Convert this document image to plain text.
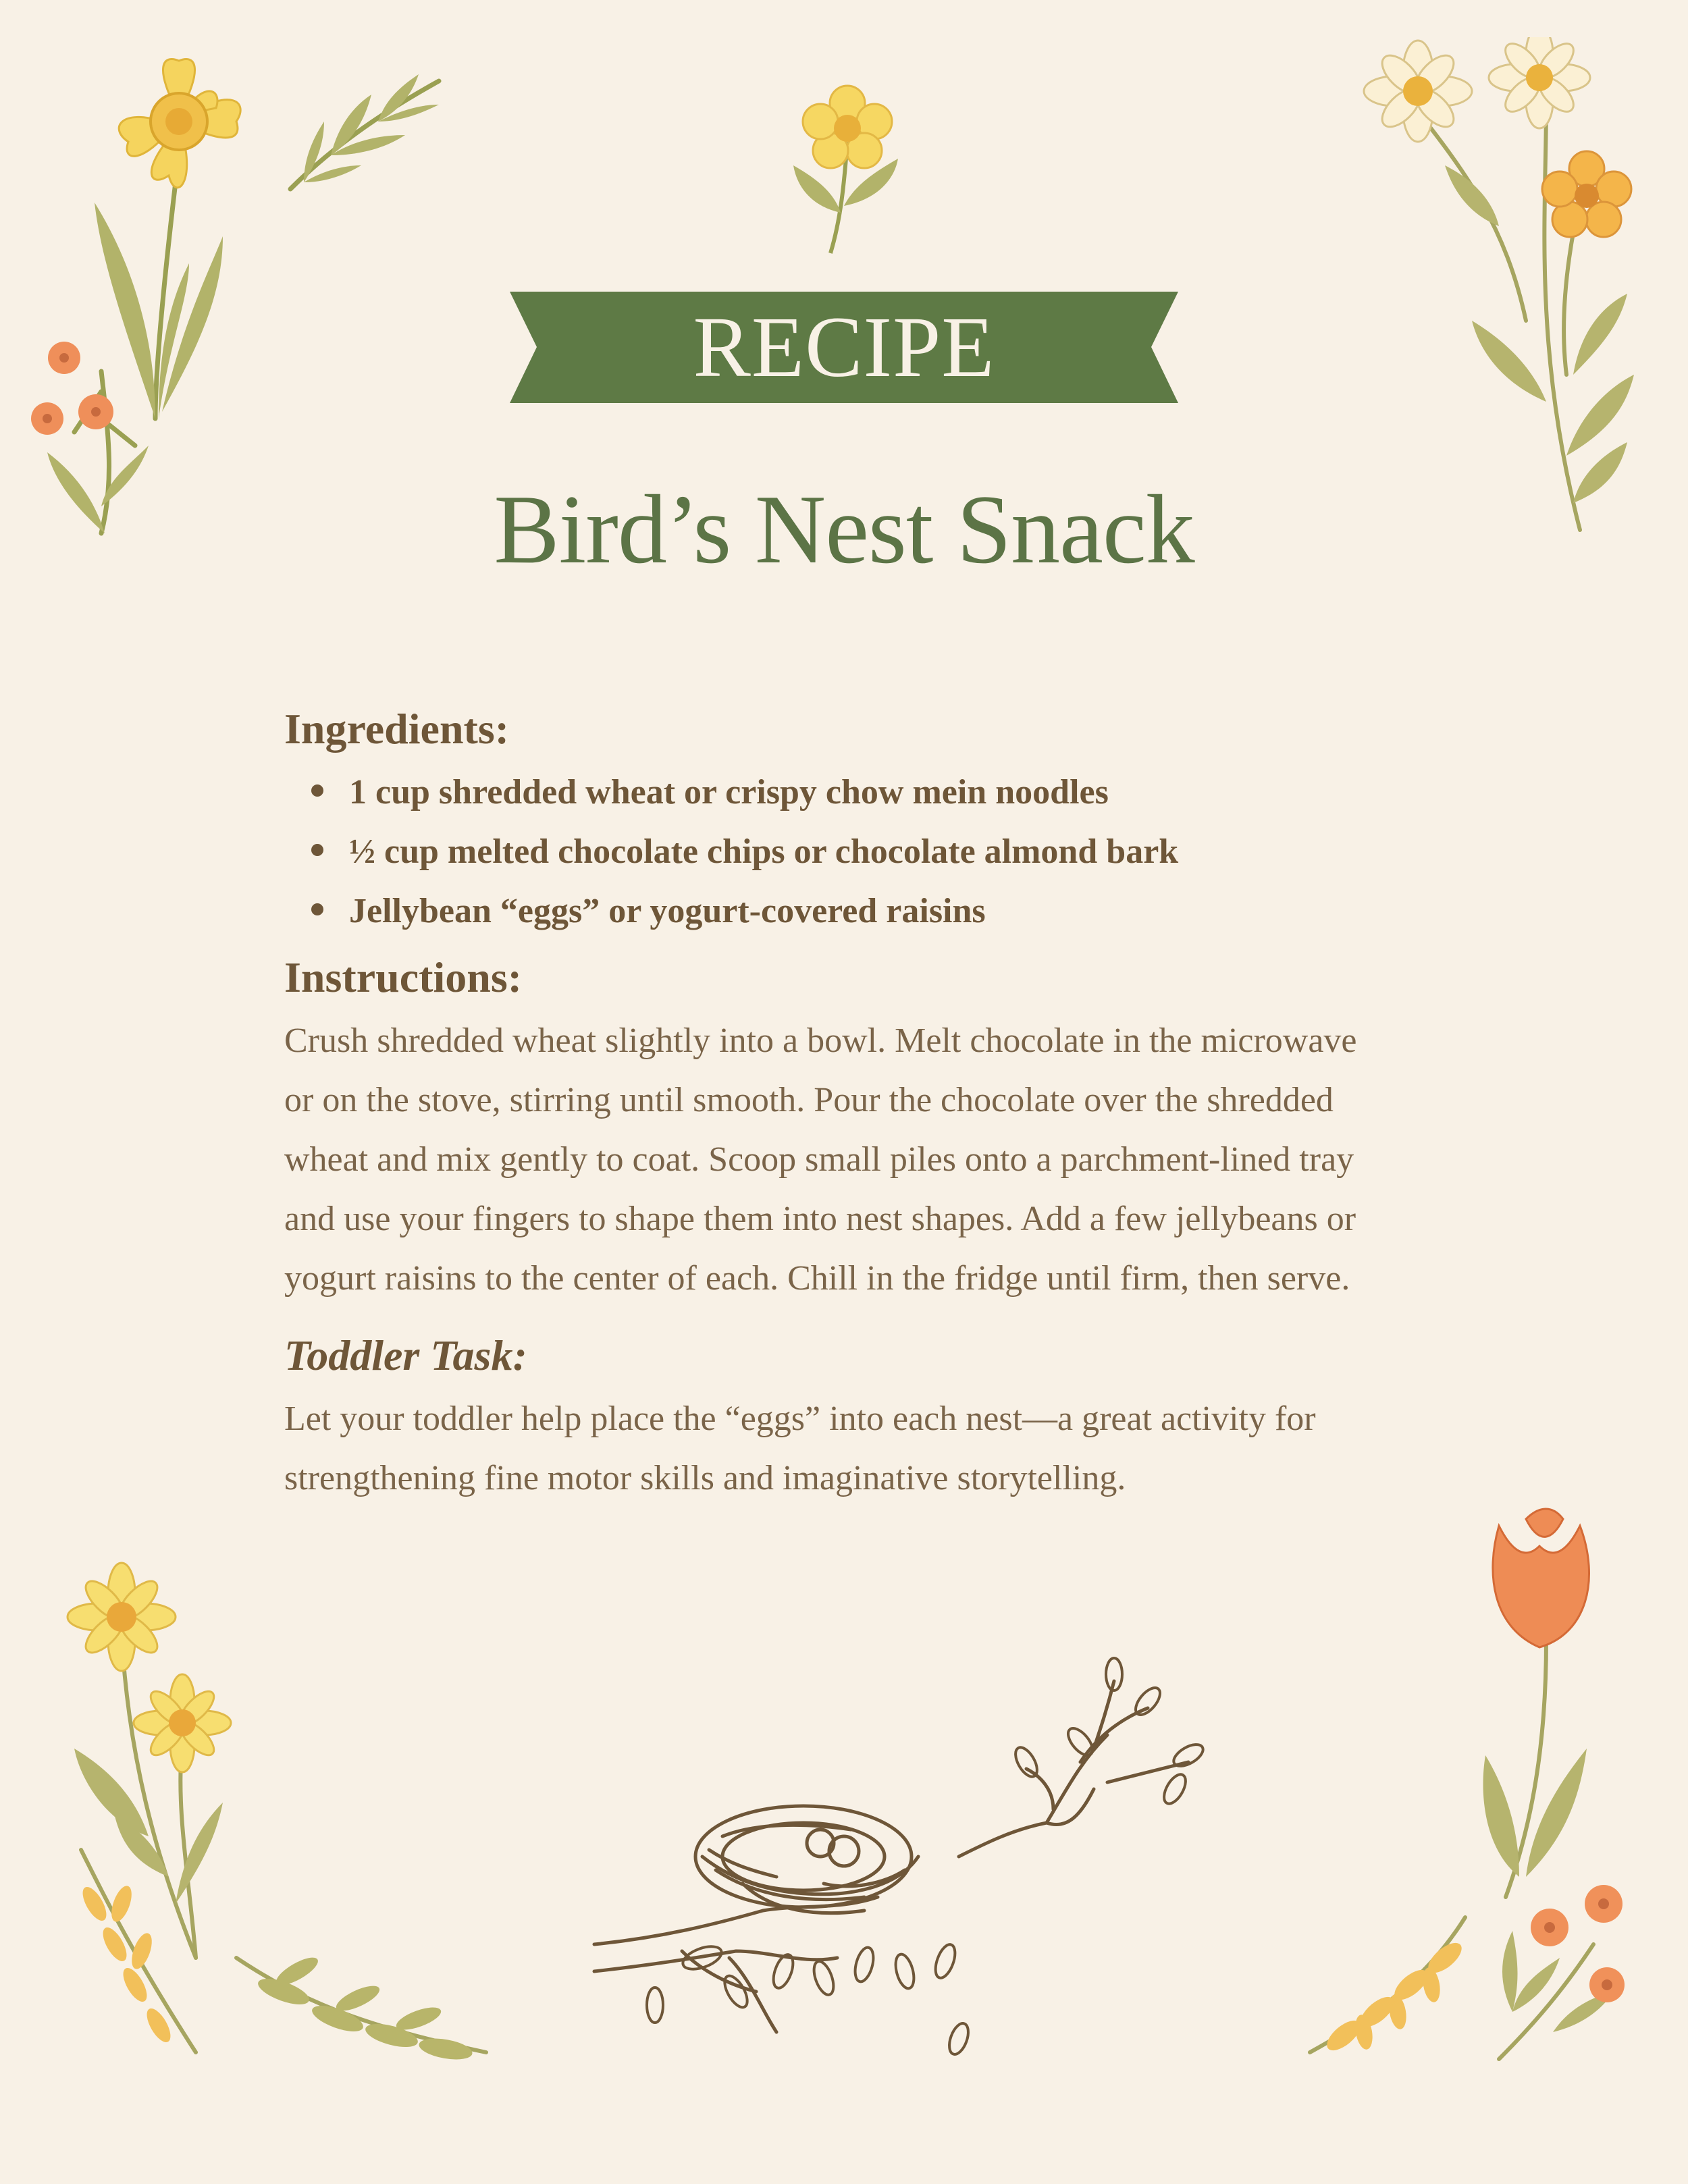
RECIPE
Bird’s Nest Snack
Ingredients:
1 cup shredded wheat or crispy chow mein noodles
½ cup melted chocolate chips or chocolate almond bark
Jellybean “eggs” or yogurt-covered raisins
Instructions:

Crush shredded wheat slightly into a bowl. Melt chocolate in the microwave

or on the stove, stirring until smooth. Pour the chocolate over the shredded

wheat and mix gently to coat. Scoop small piles onto a parchment-lined tray

and use your fingers to shape them into nest shapes. Add a few jellybeans or

yogurt raisins to the center of each. Chill in the fridge until firm, then serve.

Toddler Task:

Let your toddler help place the “eggs” into each nest—a great activity for

strengthening fine motor skills and imaginative storytelling.
